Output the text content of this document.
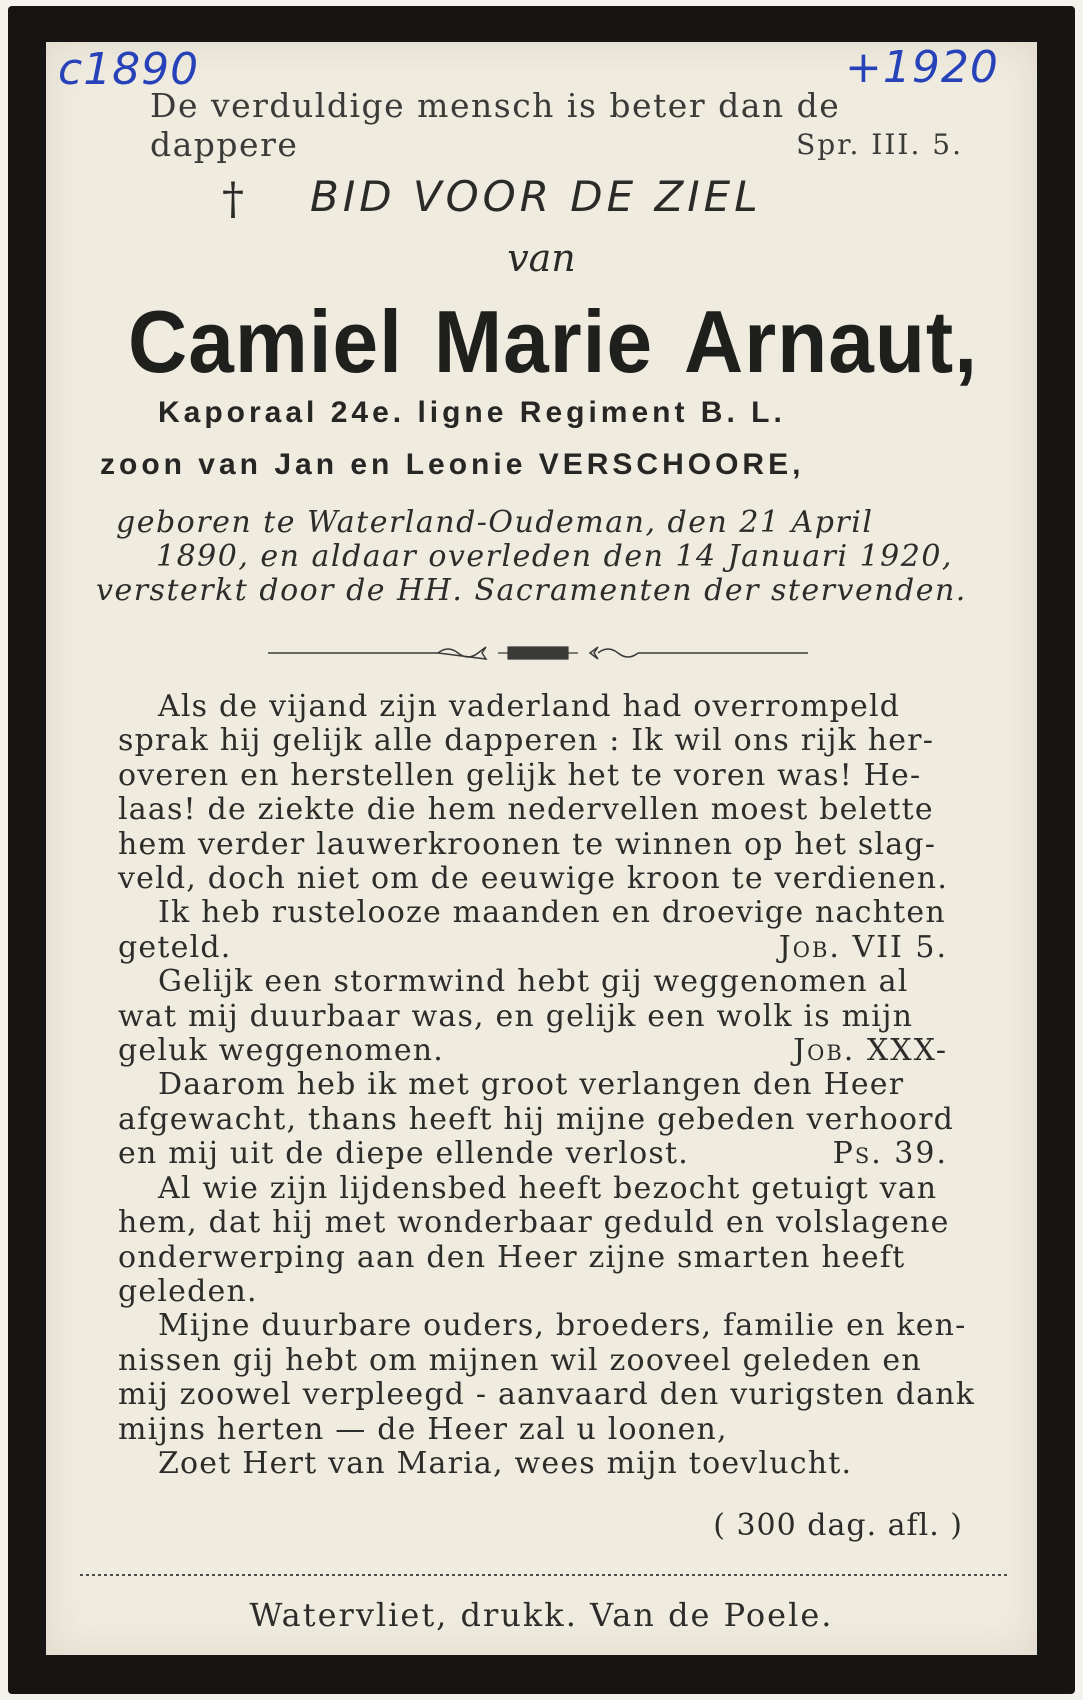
c1890	+1920
De verduldige mensch is beter dan de dappere	Spr. III. 5.
† BID VOOR DE ZIEL
van
Camiel Marie Arnaut,
Kaporaal 24e. ligne Regiment B. L.
zoon van Jan en Leonie VERSCHOORE,
geboren te Waterland-Oudeman, den 21 April
1890, en aldaar overleden den 14 Januari 1920,
versterkt door de HH. Sacramenten der stervenden.
Als de vijand zijn vaderland had overrompeld
sprak hij gelijk alle dapperen : Ik wil ons rijk her-
overen en herstellen gelijk het te voren was! He-
laas! de ziekte die hem nedervellen moest belette
hem verder lauwerkroonen te winnen op het slag-
veld, doch niet om de eeuwige kroon te verdienen.
Ik heb rustelooze maanden en droevige nachten
geteld.	Job. VII 5.
Gelijk een stormwind hebt gij weggenomen al
wat mij duurbaar was, en gelijk een wolk is mijn
geluk weggenomen.	Job. XXX-
Daarom heb ik met groot verlangen den Heer
afgewacht, thans heeft hij mijne gebeden verhoord
en mij uit de diepe ellende verlost.	Ps. 39.
Al wie zijn lijdensbed heeft bezocht getuigt van
hem, dat hij met wonderbaar geduld en volslagene
onderwerping aan den Heer zijne smarten heeft
geleden.
Mijne duurbare ouders, broeders, familie en ken-
nissen gij hebt om mijnen wil zooveel geleden en
mij zoowel verpleegd - aanvaard den vurigsten dank
mijns herten — de Heer zal u loonen,
Zoet Hert van Maria, wees mijn toevlucht.
( 300 dag. afl. )
Watervliet, drukk. Van de Poele.
